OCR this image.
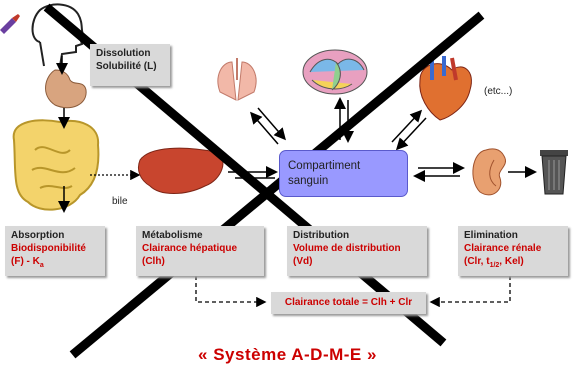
Dissolution
Solubilité (L)
bile
(etc...)
Compartiment
sanguin
Absorption
Biodisponibilité
$(F) - K_a$
Métabolisme
Clairance hépatique
(Clh)
Distribution
Volume de distribution
(Vd)
Elimination
Clairance rénale
(Clr, $t_{1/2}$, Kel)
Clairance totale = Clh + Clr
« Système A-D-M-E »
